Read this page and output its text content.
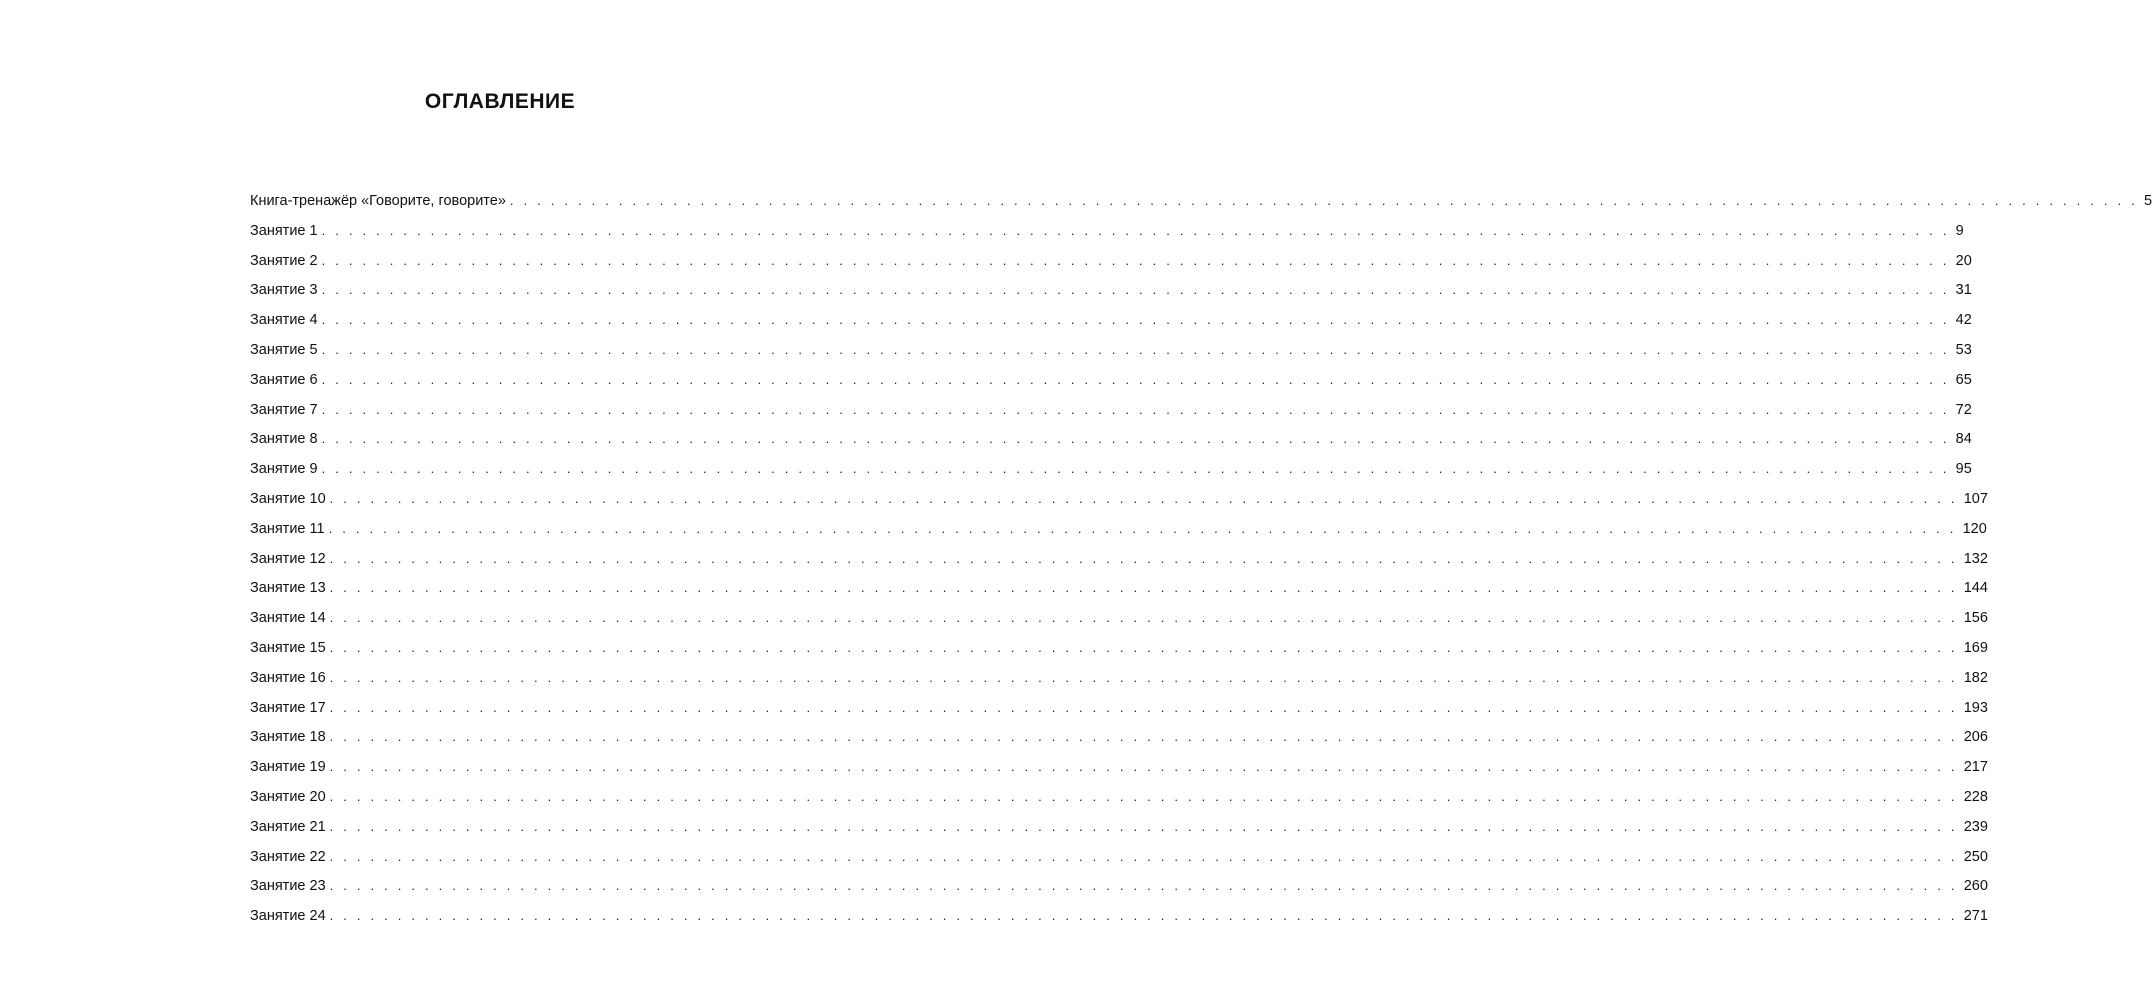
ОГЛАВЛЕНИЕ
Книга-тренажёр «Говорите, говорите» . . . . . . . . . . . . . . . . . . . . . . . . . . . . . . . . . . . . . . . . . . . . . . . . . . . . . . . . . . . . . . . . . . . . . . . . . . . . . . . . . . . . . . . . . . . . . . . . . . . . . . . . . . . . . . . . . . . . . . . . 5
Занятие 1 . . . . . . . . . . . . . . . . . . . . . . . . . . . . . . . . . . . . . . . . . . . . . . . . . . . . . . . . . . . . . . . . . . . . . . . . . . . . . . . . . . . . . . . . . . . . . . . . . . . . . . . . . . . . . . . . . . . . . . . . 9
Занятие 2 . . . . . . . . . . . . . . . . . . . . . . . . . . . . . . . . . . . . . . . . . . . . . . . . . . . . . . . . . . . . . . . . . . . . . . . . . . . . . . . . . . . . . . . . . . . . . . . . . . . . . . . . . . . . . . . . . . . . . . . . 20
Занятие 3 . . . . . . . . . . . . . . . . . . . . . . . . . . . . . . . . . . . . . . . . . . . . . . . . . . . . . . . . . . . . . . . . . . . . . . . . . . . . . . . . . . . . . . . . . . . . . . . . . . . . . . . . . . . . . . . . . . . . . . . . 31
Занятие 4 . . . . . . . . . . . . . . . . . . . . . . . . . . . . . . . . . . . . . . . . . . . . . . . . . . . . . . . . . . . . . . . . . . . . . . . . . . . . . . . . . . . . . . . . . . . . . . . . . . . . . . . . . . . . . . . . . . . . . . . . 42
Занятие 5 . . . . . . . . . . . . . . . . . . . . . . . . . . . . . . . . . . . . . . . . . . . . . . . . . . . . . . . . . . . . . . . . . . . . . . . . . . . . . . . . . . . . . . . . . . . . . . . . . . . . . . . . . . . . . . . . . . . . . . . . 53
Занятие 6 . . . . . . . . . . . . . . . . . . . . . . . . . . . . . . . . . . . . . . . . . . . . . . . . . . . . . . . . . . . . . . . . . . . . . . . . . . . . . . . . . . . . . . . . . . . . . . . . . . . . . . . . . . . . . . . . . . . . . . . . 65
Занятие 7 . . . . . . . . . . . . . . . . . . . . . . . . . . . . . . . . . . . . . . . . . . . . . . . . . . . . . . . . . . . . . . . . . . . . . . . . . . . . . . . . . . . . . . . . . . . . . . . . . . . . . . . . . . . . . . . . . . . . . . . . 72
Занятие 8 . . . . . . . . . . . . . . . . . . . . . . . . . . . . . . . . . . . . . . . . . . . . . . . . . . . . . . . . . . . . . . . . . . . . . . . . . . . . . . . . . . . . . . . . . . . . . . . . . . . . . . . . . . . . . . . . . . . . . . . . 84
Занятие 9 . . . . . . . . . . . . . . . . . . . . . . . . . . . . . . . . . . . . . . . . . . . . . . . . . . . . . . . . . . . . . . . . . . . . . . . . . . . . . . . . . . . . . . . . . . . . . . . . . . . . . . . . . . . . . . . . . . . . . . . . 95
Занятие 10 . . . . . . . . . . . . . . . . . . . . . . . . . . . . . . . . . . . . . . . . . . . . . . . . . . . . . . . . . . . . . . . . . . . . . . . . . . . . . . . . . . . . . . . . . . . . . . . . . . . . . . . . . . . . . . . . . . . . . . . . 107
Занятие 11 . . . . . . . . . . . . . . . . . . . . . . . . . . . . . . . . . . . . . . . . . . . . . . . . . . . . . . . . . . . . . . . . . . . . . . . . . . . . . . . . . . . . . . . . . . . . . . . . . . . . . . . . . . . . . . . . . . . . . . . . 120
Занятие 12 . . . . . . . . . . . . . . . . . . . . . . . . . . . . . . . . . . . . . . . . . . . . . . . . . . . . . . . . . . . . . . . . . . . . . . . . . . . . . . . . . . . . . . . . . . . . . . . . . . . . . . . . . . . . . . . . . . . . . . . . 132
Занятие 13 . . . . . . . . . . . . . . . . . . . . . . . . . . . . . . . . . . . . . . . . . . . . . . . . . . . . . . . . . . . . . . . . . . . . . . . . . . . . . . . . . . . . . . . . . . . . . . . . . . . . . . . . . . . . . . . . . . . . . . . . 144
Занятие 14 . . . . . . . . . . . . . . . . . . . . . . . . . . . . . . . . . . . . . . . . . . . . . . . . . . . . . . . . . . . . . . . . . . . . . . . . . . . . . . . . . . . . . . . . . . . . . . . . . . . . . . . . . . . . . . . . . . . . . . . . 156
Занятие 15 . . . . . . . . . . . . . . . . . . . . . . . . . . . . . . . . . . . . . . . . . . . . . . . . . . . . . . . . . . . . . . . . . . . . . . . . . . . . . . . . . . . . . . . . . . . . . . . . . . . . . . . . . . . . . . . . . . . . . . . . 169
Занятие 16 . . . . . . . . . . . . . . . . . . . . . . . . . . . . . . . . . . . . . . . . . . . . . . . . . . . . . . . . . . . . . . . . . . . . . . . . . . . . . . . . . . . . . . . . . . . . . . . . . . . . . . . . . . . . . . . . . . . . . . . . 182
Занятие 17 . . . . . . . . . . . . . . . . . . . . . . . . . . . . . . . . . . . . . . . . . . . . . . . . . . . . . . . . . . . . . . . . . . . . . . . . . . . . . . . . . . . . . . . . . . . . . . . . . . . . . . . . . . . . . . . . . . . . . . . . 193
Занятие 18 . . . . . . . . . . . . . . . . . . . . . . . . . . . . . . . . . . . . . . . . . . . . . . . . . . . . . . . . . . . . . . . . . . . . . . . . . . . . . . . . . . . . . . . . . . . . . . . . . . . . . . . . . . . . . . . . . . . . . . . . 206
Занятие 19 . . . . . . . . . . . . . . . . . . . . . . . . . . . . . . . . . . . . . . . . . . . . . . . . . . . . . . . . . . . . . . . . . . . . . . . . . . . . . . . . . . . . . . . . . . . . . . . . . . . . . . . . . . . . . . . . . . . . . . . . 217
Занятие 20 . . . . . . . . . . . . . . . . . . . . . . . . . . . . . . . . . . . . . . . . . . . . . . . . . . . . . . . . . . . . . . . . . . . . . . . . . . . . . . . . . . . . . . . . . . . . . . . . . . . . . . . . . . . . . . . . . . . . . . . . 228
Занятие 21 . . . . . . . . . . . . . . . . . . . . . . . . . . . . . . . . . . . . . . . . . . . . . . . . . . . . . . . . . . . . . . . . . . . . . . . . . . . . . . . . . . . . . . . . . . . . . . . . . . . . . . . . . . . . . . . . . . . . . . . . 239
Занятие 22 . . . . . . . . . . . . . . . . . . . . . . . . . . . . . . . . . . . . . . . . . . . . . . . . . . . . . . . . . . . . . . . . . . . . . . . . . . . . . . . . . . . . . . . . . . . . . . . . . . . . . . . . . . . . . . . . . . . . . . . . 250
Занятие 23 . . . . . . . . . . . . . . . . . . . . . . . . . . . . . . . . . . . . . . . . . . . . . . . . . . . . . . . . . . . . . . . . . . . . . . . . . . . . . . . . . . . . . . . . . . . . . . . . . . . . . . . . . . . . . . . . . . . . . . . . 260
Занятие 24 . . . . . . . . . . . . . . . . . . . . . . . . . . . . . . . . . . . . . . . . . . . . . . . . . . . . . . . . . . . . . . . . . . . . . . . . . . . . . . . . . . . . . . . . . . . . . . . . . . . . . . . . . . . . . . . . . . . . . . . . 271
